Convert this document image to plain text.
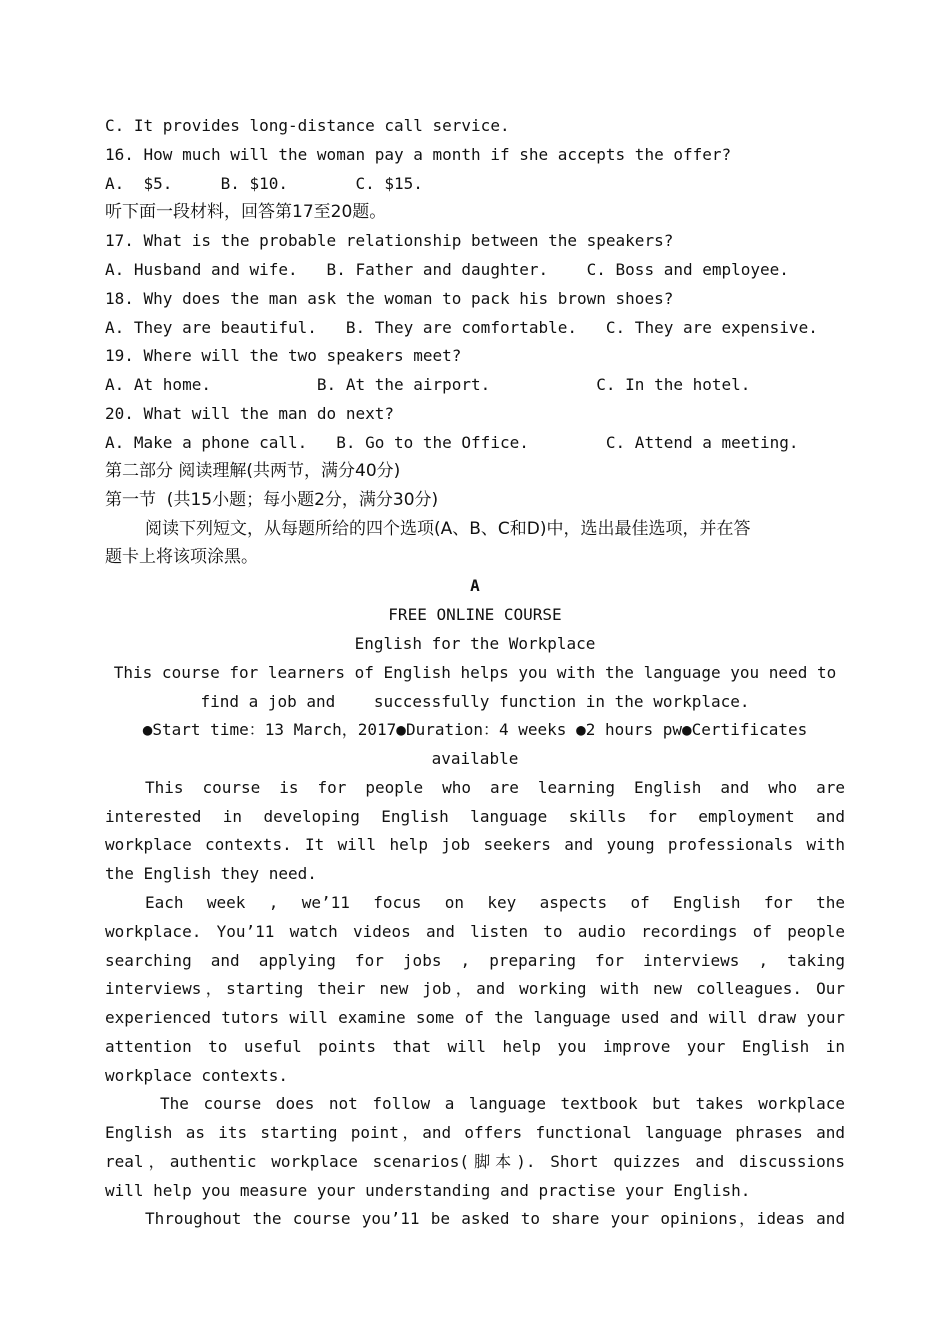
C. It provides long-distance call service.
16. How much will the woman pay a month if she accepts the offer?
A.  $5.     B. $10.       C. $15.
听下面一段材料，回答第17至20题。
17. What is the probable relationship between the speakers?
A. Husband and wife.   B. Father and daughter.    C. Boss and employee.
18. Why does the man ask the woman to pack his brown shoes?
A. They are beautiful.   B. They are comfortable.   C. They are expensive.
19. Where will the two speakers meet?
A. At home.           B. At the airport.           C. In the hotel.
20. What will the man do next?
A. Make a phone call.   B. Go to the Office.        C. Attend a meeting.
第二部分 阅读理解(共两节，满分40分)
第一节  (共15小题；每小题2分，满分30分)
阅读下列短文，从每题所给的四个选项(A、B、C和D)中，选出最佳选项，并在答
题卡上将该项涂黑。
A
FREE ONLINE COURSE
English for the Workplace
This course for learners of English helps you with the language you need to
find a job and    successfully function in the workplace.
●Start time：13 March，2017●Duration：4 weeks ●2 hours pw●Certificates
available
This course is for people who are learning English and who are
interested in developing English language skills for employment and
workplace contexts. It will help job seekers and young professionals with
the English they need.
Each week , we’11 focus on key aspects of English for the
workplace. You’11 watch videos and listen to audio recordings of people
searching and applying for jobs , preparing for interviews , taking
interviews，starting their new job，and working with new colleagues. Our
experienced tutors will examine some of the language used and will draw your
attention to useful points that will help you improve your English in
workplace contexts.
The course does not follow a language textbook but takes workplace
English as its starting point，and offers functional language phrases and
real，authentic workplace scenarios(脚本). Short quizzes and discussions
will help you measure your understanding and practise your English.
Throughout the course you’11 be asked to share your opinions，ideas and
